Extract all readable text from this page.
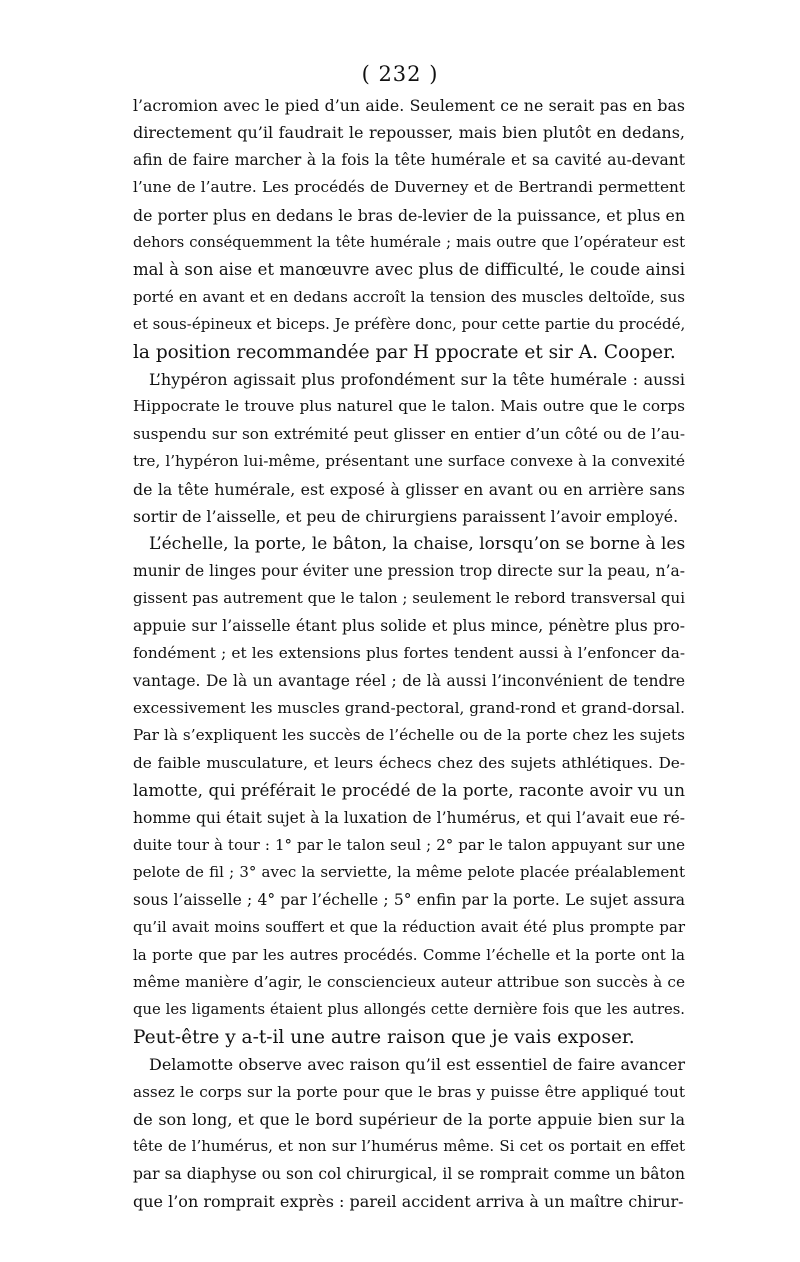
( 232 )
l’acromion avec le pied d’un aide. Seulement ce ne serait pas en bas
directement qu’il faudrait le repousser, mais bien plutôt en dedans,
afin de faire marcher à la fois la tête humérale et sa cavité au-devant
l’une de l’autre. Les procédés de Duverney et de Bertrandi permettent
de porter plus en dedans le bras de-levier de la puissance, et plus en
dehors conséquemment la tête humérale ; mais outre que l’opérateur est
mal à son aise et manœuvre avec plus de difficulté, le coude ainsi
porté en avant et en dedans accroît la tension des muscles deltoïde, sus
et sous-épineux et biceps. Je préfère donc, pour cette partie du procédé,
la position recommandée par H ppocrate et sir A. Cooper.
L’hypéron agissait plus profondément sur la tête humérale : aussi
Hippocrate le trouve plus naturel que le talon. Mais outre que le corps
suspendu sur son extrémité peut glisser en entier d’un côté ou de l’au-
tre, l’hypéron lui-même, présentant une surface convexe à la convexité
de la tête humérale, est exposé à glisser en avant ou en arrière sans
sortir de l’aisselle, et peu de chirurgiens paraissent l’avoir employé.
L’échelle, la porte, le bâton, la chaise, lorsqu’on se borne à les
munir de linges pour éviter une pression trop directe sur la peau, n’a-
gissent pas autrement que le talon ; seulement le rebord transversal qui
appuie sur l’aisselle étant plus solide et plus mince, pénètre plus pro-
fondément ; et les extensions plus fortes tendent aussi à l’enfoncer da-
vantage. De là un avantage réel ; de là aussi l’inconvénient de tendre
excessivement les muscles grand-pectoral, grand-rond et grand-dorsal.
Par là s’expliquent les succès de l’échelle ou de la porte chez les sujets
de faible musculature, et leurs échecs chez des sujets athlétiques. De-
lamotte, qui préférait le procédé de la porte, raconte avoir vu un
homme qui était sujet à la luxation de l’humérus, et qui l’avait eue ré-
duite tour à tour : 1° par le talon seul ; 2° par le talon appuyant sur une
pelote de fil ; 3° avec la serviette, la même pelote placée préalablement
sous l’aisselle ; 4° par l’échelle ; 5° enfin par la porte. Le sujet assura
qu’il avait moins souffert et que la réduction avait été plus prompte par
la porte que par les autres procédés. Comme l’échelle et la porte ont la
même manière d’agir, le consciencieux auteur attribue son succès à ce
que les ligaments étaient plus allongés cette dernière fois que les autres.
Peut-être y a-t-il une autre raison que je vais exposer.
Delamotte observe avec raison qu’il est essentiel de faire avancer
assez le corps sur la porte pour que le bras y puisse être appliqué tout
de son long, et que le bord supérieur de la porte appuie bien sur la
tête de l’humérus, et non sur l’humérus même. Si cet os portait en effet
par sa diaphyse ou son col chirurgical, il se romprait comme un bâton
que l’on romprait exprès : pareil accident arriva à un maître chirur-
